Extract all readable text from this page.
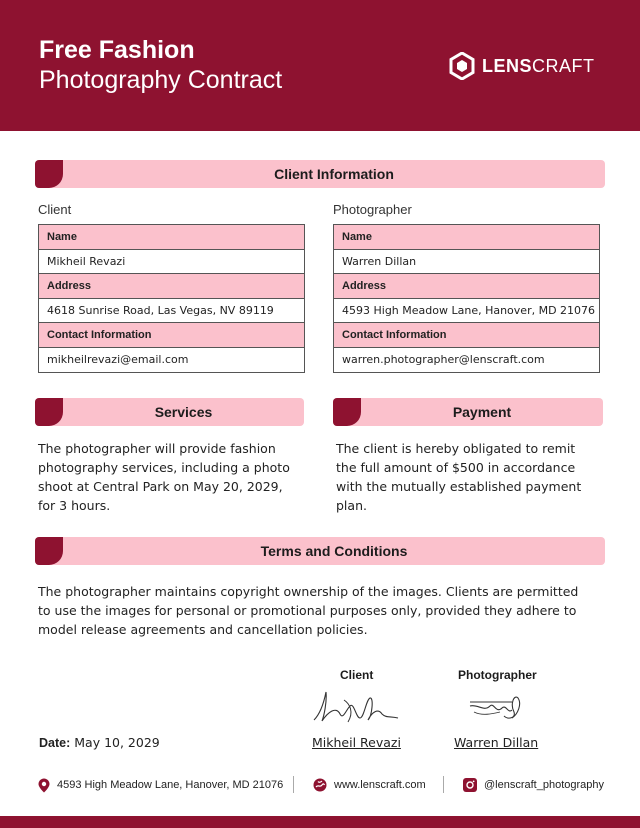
Free Fashion
Photography Contract
LENSCRAFT
Client Information
Client	Photographer
Name
Mikheil Revazi
Address
4618 Sunrise Road, Las Vegas, NV 89119
Contact Information
mikheilrevazi@email.com
Name
Warren Dillan
Address
4593 High Meadow Lane, Hanover, MD 21076
Contact Information
warren.photographer@lenscraft.com
Services
The photographer will provide fashion
photography services, including a photo
shoot at Central Park on May 20, 2029,
for 3 hours.
Payment
The client is hereby obligated to remit
the full amount of $500 in accordance
with the mutually established payment
plan.
Terms and Conditions
The photographer maintains copyright ownership of the images. Clients are permitted
to use the images for personal or promotional purposes only, provided they adhere to
model release agreements and cancellation policies.
Client	Photographer
Mikheil Revazi	Warren Dillan
Date: May 10, 2029
4593 High Meadow Lane, Hanover, MD 21076	www.lenscraft.com	@lenscraft_photography
